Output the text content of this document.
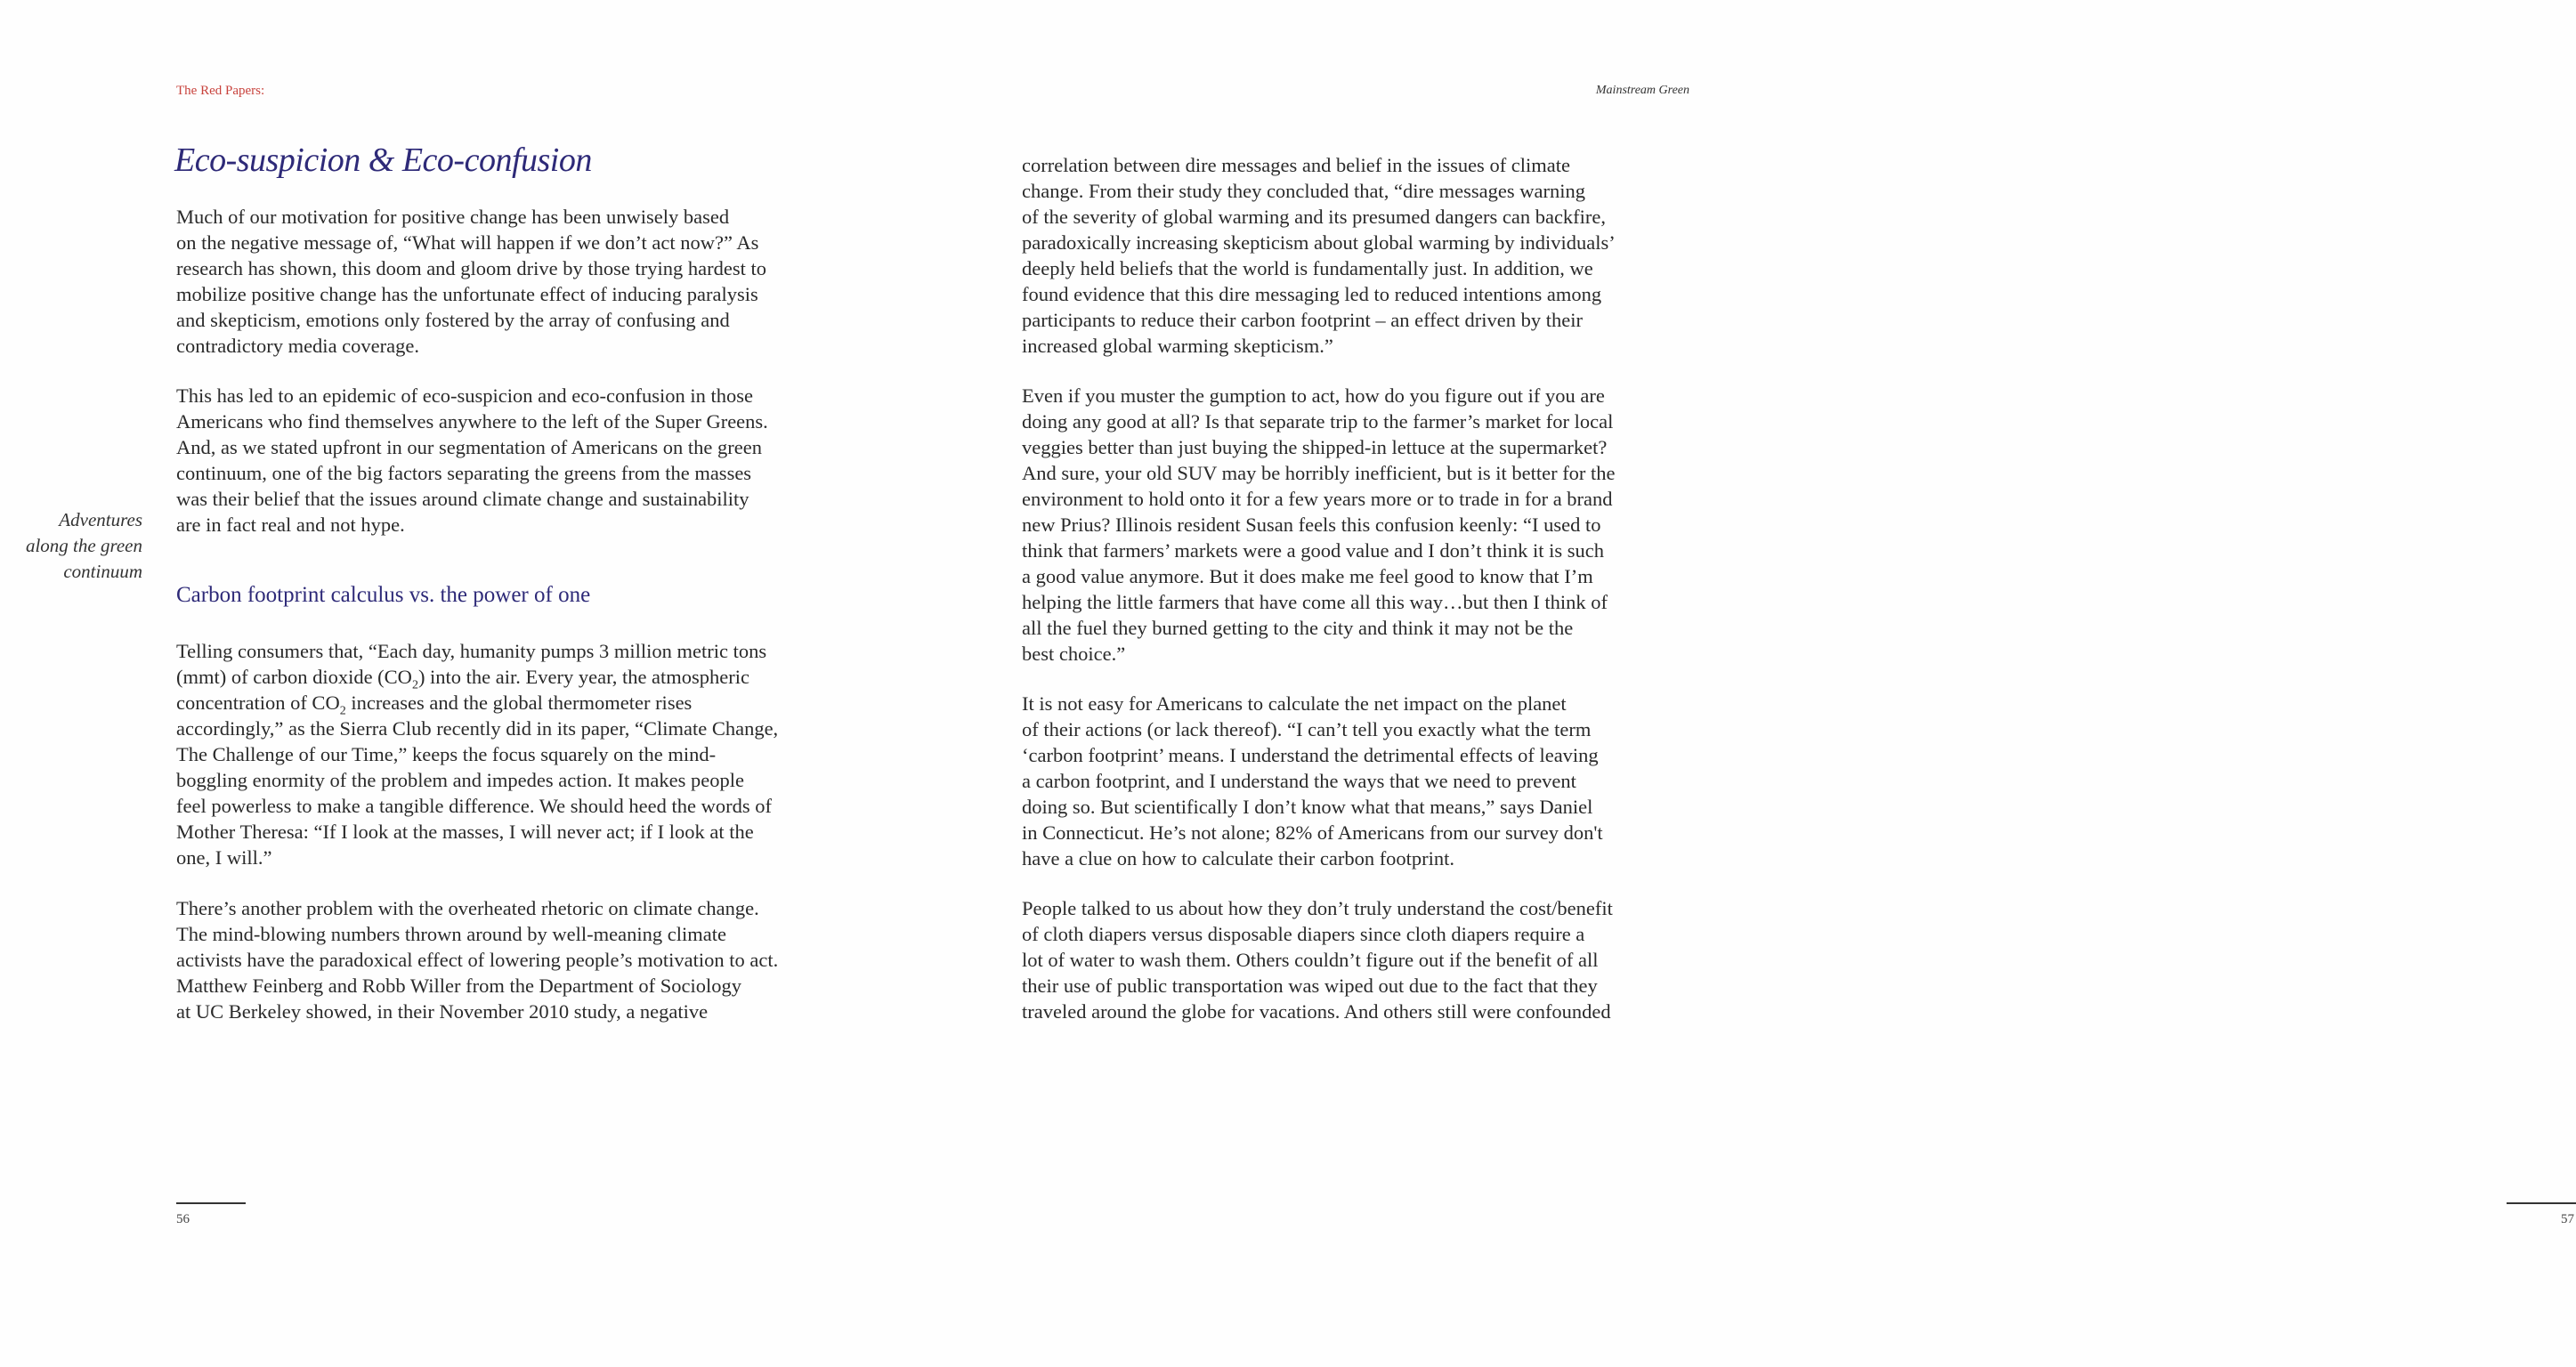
The Red Papers:
Eco-suspicion & Eco-confusion

Much of our motivation for positive change has been unwisely based
on the negative message of, “What will happen if we don’t act now?” As
research has shown, this doom and gloom drive by those trying hardest to
mobilize positive change has the unfortunate effect of inducing paralysis
and skepticism, emotions only fostered by the array of confusing and
contradictory media coverage.

This has led to an epidemic of eco-suspicion and eco-confusion in those
Americans who find themselves anywhere to the left of the Super Greens.
And, as we stated upfront in our segmentation of Americans on the green
continuum, one of the big factors separating the greens from the masses
was their belief that the issues around climate change and sustainability
are in fact real and not hype.

Adventures
along the green
continuum
Carbon footprint calculus vs. the power of one

Telling consumers that, “Each day, humanity pumps 3 million metric tons
(mmt) of carbon dioxide $(CO_2)$ into the air. Every year, the atmospheric
concentration of $CO_2$ increases and the global thermometer rises
accordingly,” as the Sierra Club recently did in its paper, “Climate Change,
The Challenge of our Time,” keeps the focus squarely on the mind-
boggling enormity of the problem and impedes action. It makes people
feel powerless to make a tangible difference. We should heed the words of
Mother Theresa: “If I look at the masses, I will never act; if I look at the
one, I will.”

There’s another problem with the overheated rhetoric on climate change.
The mind-blowing numbers thrown around by well-meaning climate
activists have the paradoxical effect of lowering people’s motivation to act.
Matthew Feinberg and Robb Willer from the Department of Sociology
at UC Berkeley showed, in their November 2010 study, a negative

56
Mainstream Green
57

correlation between dire messages and belief in the issues of climate
change. From their study they concluded that, “dire messages warning
of the severity of global warming and its presumed dangers can backfire,
paradoxically increasing skepticism about global warming by individuals’
deeply held beliefs that the world is fundamentally just. In addition, we
found evidence that this dire messaging led to reduced intentions among
participants to reduce their carbon footprint – an effect driven by their
increased global warming skepticism.”

Even if you muster the gumption to act, how do you figure out if you are
doing any good at all? Is that separate trip to the farmer’s market for local
veggies better than just buying the shipped-in lettuce at the supermarket?
And sure, your old SUV may be horribly inefficient, but is it better for the
environment to hold onto it for a few years more or to trade in for a brand
new Prius? Illinois resident Susan feels this confusion keenly: “I used to
think that farmers’ markets were a good value and I don’t think it is such
a good value anymore. But it does make me feel good to know that I’m
helping the little farmers that have come all this way…but then I think of
all the fuel they burned getting to the city and think it may not be the
best choice.”

It is not easy for Americans to calculate the net impact on the planet
of their actions (or lack thereof). “I can’t tell you exactly what the term
‘carbon footprint’ means. I understand the detrimental effects of leaving
a carbon footprint, and I understand the ways that we need to prevent
doing so. But scientifically I don’t know what that means,” says Daniel
in Connecticut. He’s not alone; 82% of Americans from our survey don't
have a clue on how to calculate their carbon footprint.

People talked to us about how they don’t truly understand the cost/benefit
of cloth diapers versus disposable diapers since cloth diapers require a
lot of water to wash them. Others couldn’t figure out if the benefit of all
their use of public transportation was wiped out due to the fact that they
traveled around the globe for vacations. And others still were confounded
